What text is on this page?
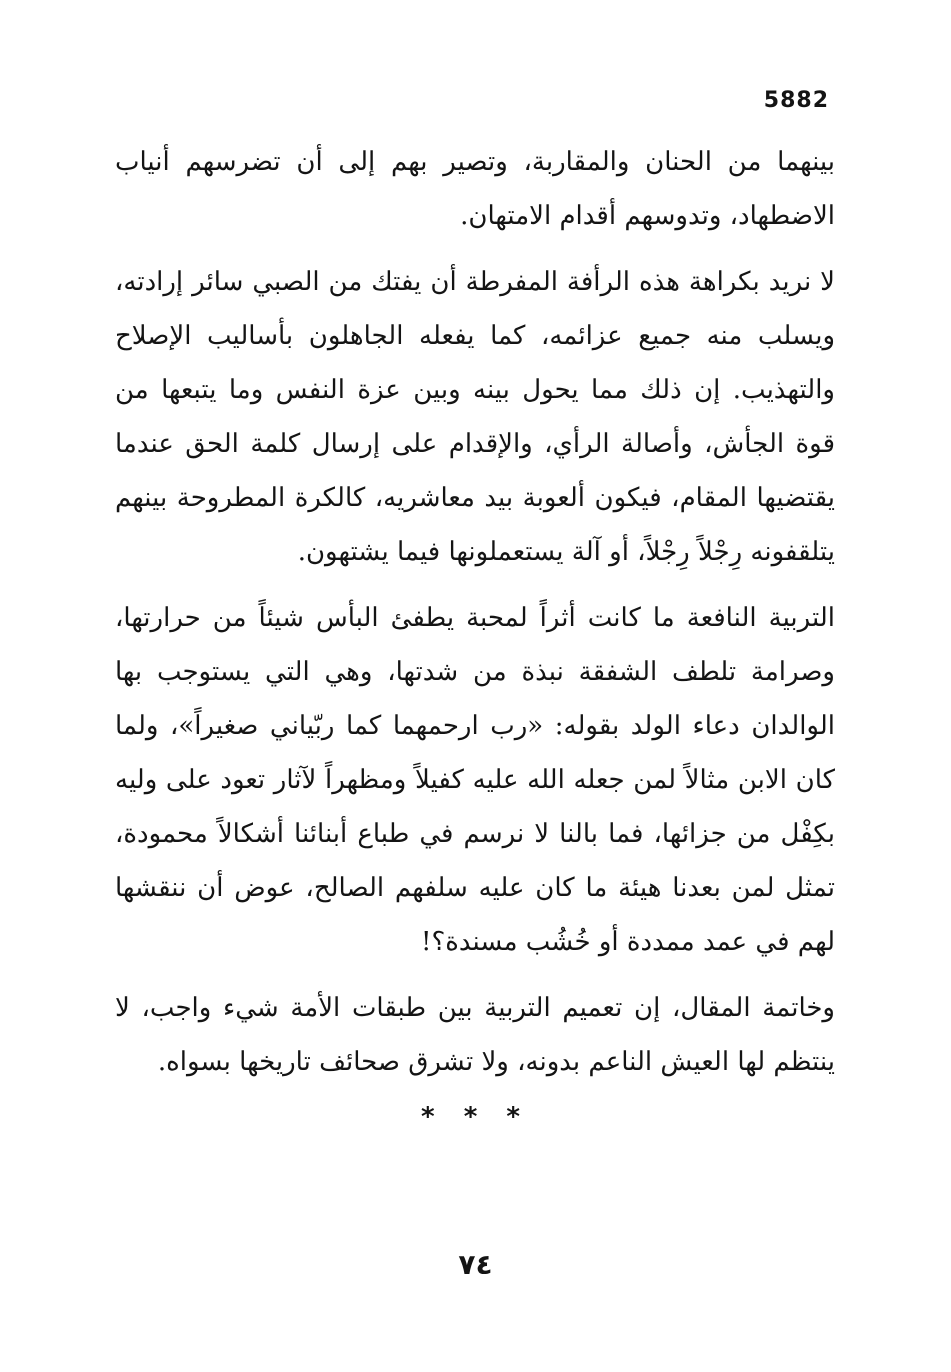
5882

بينهما من الحنان والمقاربة، وتصير بهم إلى أن تضرسهم أنياب الاضطهاد، وتدوسهم أقدام الامتهان.

لا نريد بكراهة هذه الرأفة المفرطة أن يفتك من الصبي سائر إرادته، ويسلب منه جميع عزائمه، كما يفعله الجاهلون بأساليب الإصلاح والتهذيب. إن ذلك مما يحول بينه وبين عزة النفس وما يتبعها من قوة الجأش، وأصالة الرأي، والإقدام على إرسال كلمة الحق عندما يقتضيها المقام، فيكون ألعوبة بيد معاشريه، كالكرة المطروحة بينهم يتلقفونه رِجْلاً رِجْلاً، أو آلة يستعملونها فيما يشتهون.

التربية النافعة ما كانت أثراً لمحبة يطفئ البأس شيئاً من حرارتها، وصرامة تلطف الشفقة نبذة من شدتها، وهي التي يستوجب بها الوالدان دعاء الولد بقوله: «رب ارحمهما كما ربّياني صغيراً»، ولما كان الابن مثالاً لمن جعله الله عليه كفيلاً ومظهراً لآثار تعود على وليه بكِفْل من جزائها، فما بالنا لا نرسم في طباع أبنائنا أشكالاً محمودة، تمثل لمن بعدنا هيئة ما كان عليه سلفهم الصالح، عوض أن ننقشها لهم في عمد ممددة أو خُشُب مسندة؟!

وخاتمة المقال، إن تعميم التربية بين طبقات الأمة شيء واجب، لا ينتظم لها العيش الناعم بدونه، ولا تشرق صحائف تاريخها بسواه.

* * *
٧٤
